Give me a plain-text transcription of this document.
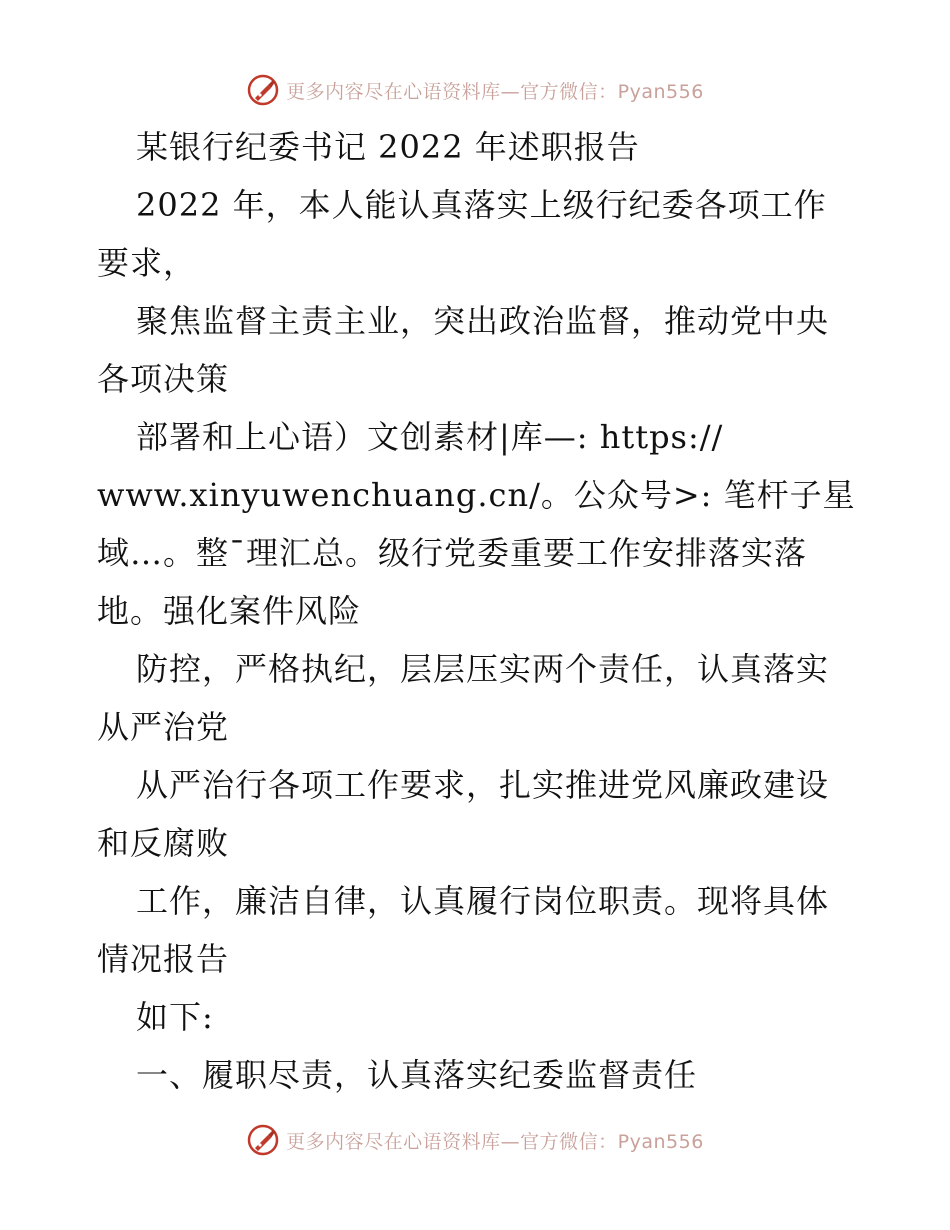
更多内容尽在心语资料库—官方微信：Pyan556
某银行纪委书记 2022 年述职报告
2022 年，本人能认真落实上级行纪委各项工作
要求，
聚焦监督主责主业，突出政治监督，推动党中央
各项决策
部署和上心语）文创素材|库—: https://
www.xinyuwenchuang.cn/。公众号>: 笔杆子星
域…。整¯理汇总。级行党委重要工作安排落实落
地。强化案件风险
防控，严格执纪，层层压实两个责任，认真落实
从严治党
从严治行各项工作要求，扎实推进党风廉政建设
和反腐败
工作，廉洁自律，认真履行岗位职责。现将具体
情况报告
如下:
一、履职尽责，认真落实纪委监督责任
更多内容尽在心语资料库—官方微信：Pyan556
